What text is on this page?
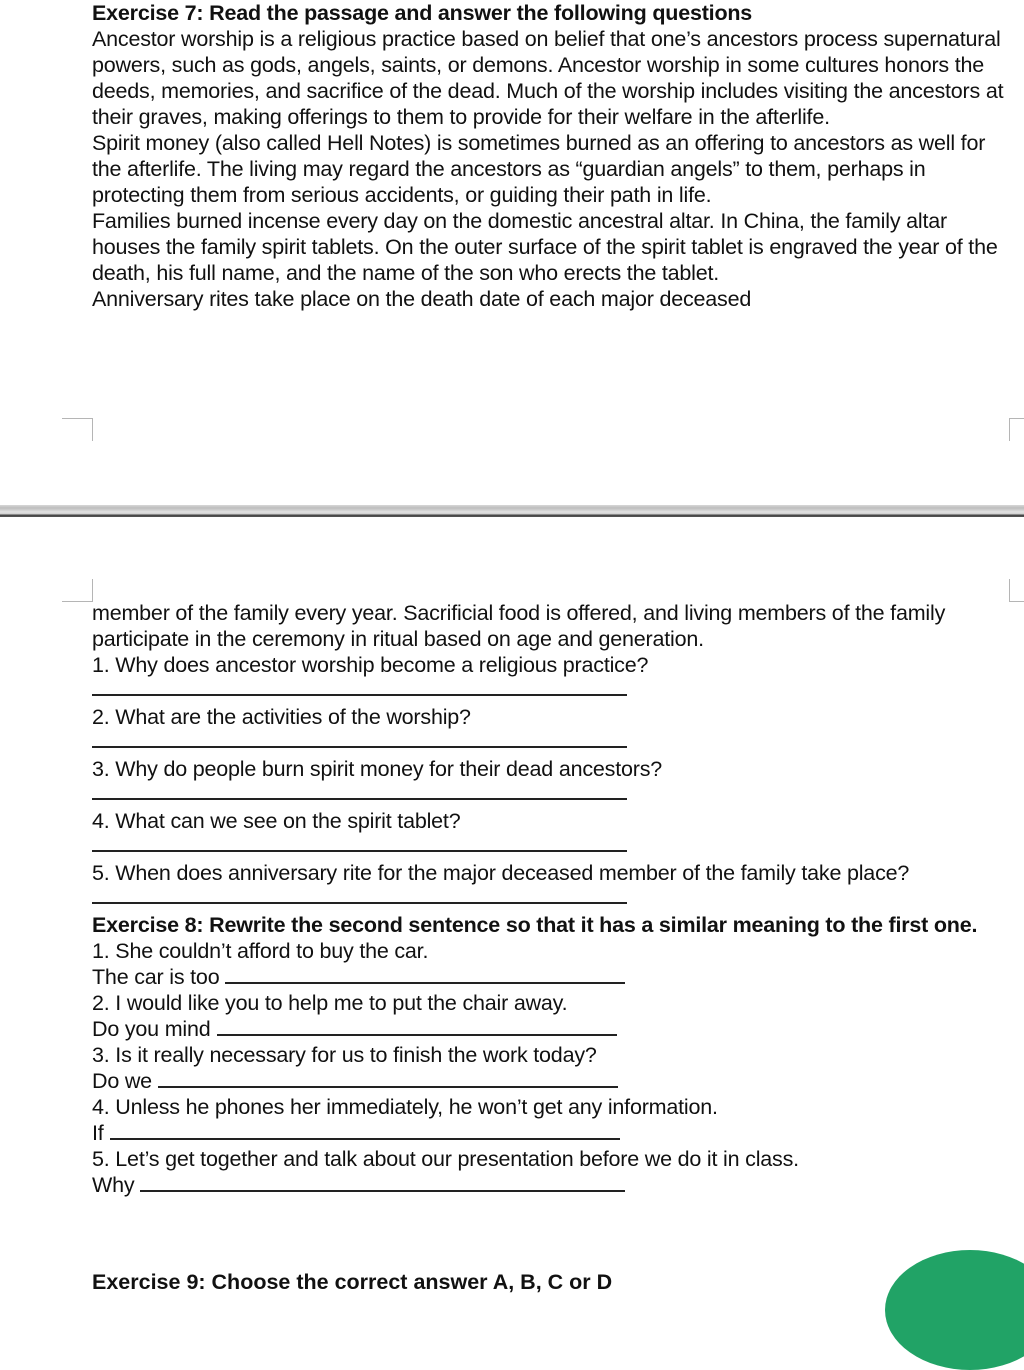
Exercise 7: Read the passage and answer the following questions

Ancestor worship is a religious practice based on belief that one’s ancestors process supernatural powers, such as gods, angels, saints, or demons. Ancestor worship in some cultures honors the deeds, memories, and sacrifice of the dead. Much of the worship includes visiting the ancestors at their graves, making offerings to them to provide for their welfare in the afterlife.

Spirit money (also called Hell Notes) is sometimes burned as an offering to ancestors as well for the afterlife. The living may regard the ancestors as “guardian angels” to them, perhaps in protecting them from serious accidents, or guiding their path in life.

Families burned incense every day on the domestic ancestral altar. In China, the family altar houses the family spirit tablets. On the outer surface of the spirit tablet is engraved the year of the death, his full name, and the name of the son who erects the tablet.

Anniversary rites take place on the death date of each major deceased

member of the family every year. Sacrificial food is offered, and living members of the family participate in the ceremony in ritual based on age and generation.

1. Why does ancestor worship become a religious practice?

2. What are the activities of the worship?

3. Why do people burn spirit money for their dead ancestors?

4. What can we see on the spirit tablet?

5. When does anniversary rite for the major deceased member of the family take place?

Exercise 8: Rewrite the second sentence so that it has a similar meaning to the first one.

1. She couldn’t afford to buy the car.

The car is too

2. I would like you to help me to put the chair away.

Do you mind

3. Is it really necessary for us to finish the work today?

Do we

4. Unless he phones her immediately, he won’t get any information.

If

5. Let’s get together and talk about our presentation before we do it in class.

Why

Exercise 9: Choose the correct answer A, B, C or D
